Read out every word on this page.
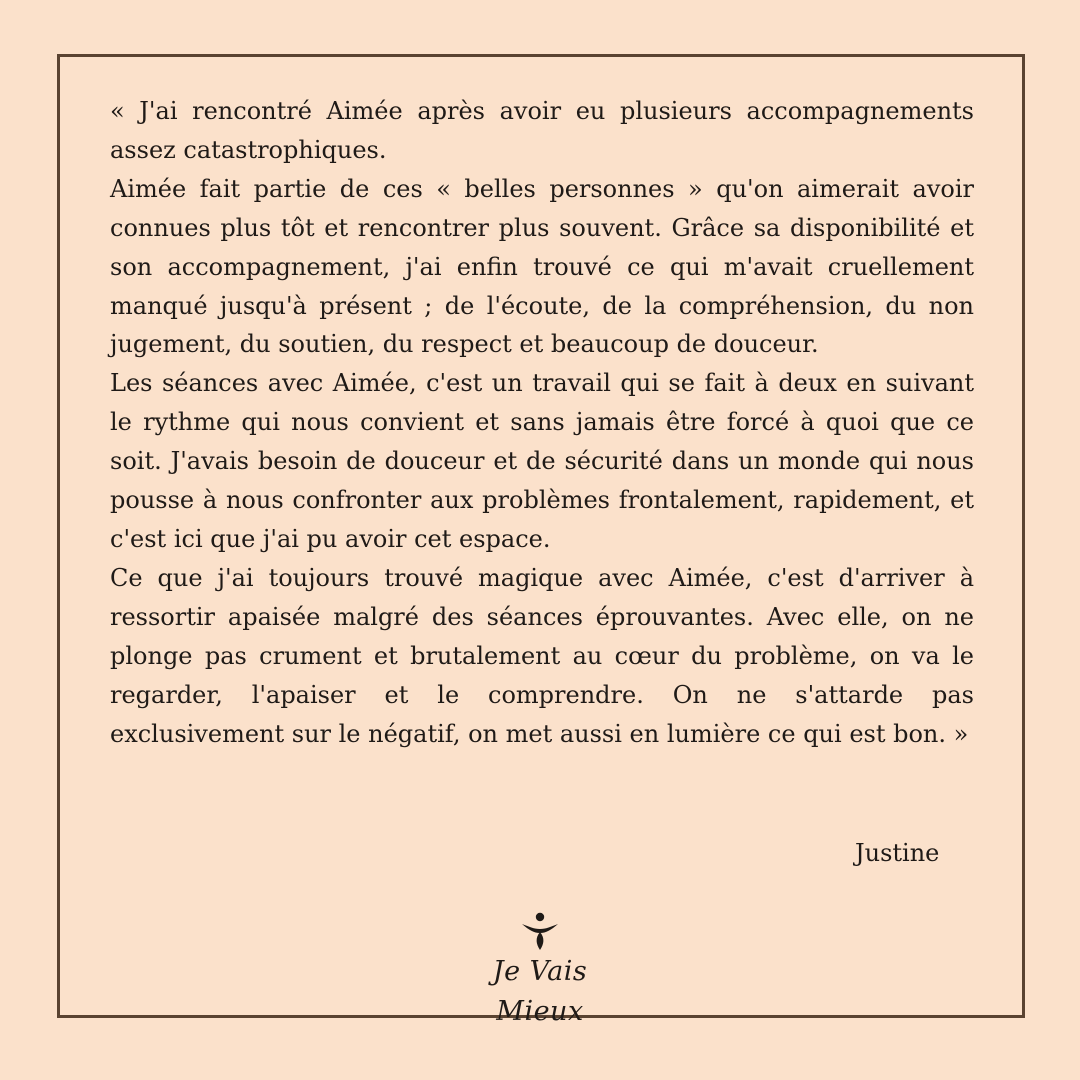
« J'ai rencontré Aimée après avoir eu plusieurs accompagnements assez catastrophiques.

Aimée fait partie de ces « belles personnes » qu'on aimerait avoir connues plus tôt et rencontrer plus souvent. Grâce sa disponibilité et son accompagnement, j'ai enfin trouvé ce qui m'avait cruellement manqué jusqu'à présent ; de l'écoute, de la compréhension, du non jugement, du soutien, du respect et beaucoup de douceur.

Les séances avec Aimée, c'est un travail qui se fait à deux en suivant le rythme qui nous convient et sans jamais être forcé à quoi que ce soit. J'avais besoin de douceur et de sécurité dans un monde qui nous pousse à nous confronter aux problèmes frontalement, rapidement, et c'est ici que j'ai pu avoir cet espace.

Ce que j'ai toujours trouvé magique avec Aimée, c'est d'arriver à ressortir apaisée malgré des séances éprouvantes. Avec elle, on ne plonge pas crument et brutalement au cœur du problème, on va le regarder, l'apaiser et le comprendre. On ne s'attarde pas exclusivement sur le négatif, on met aussi en lumière ce qui est bon. »

Justine
Je Vais Mieux
